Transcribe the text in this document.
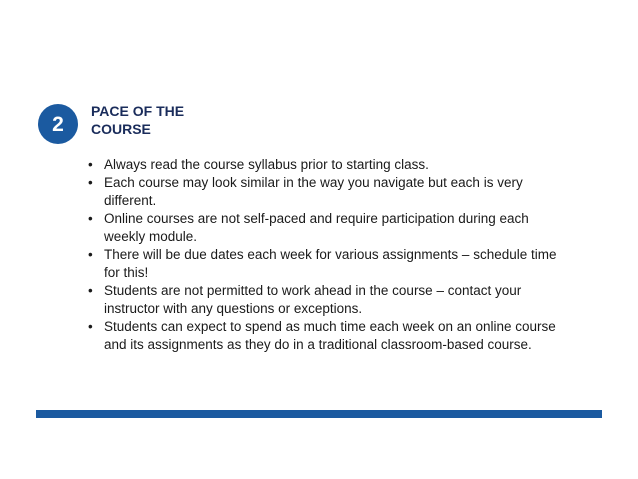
2
PACE OF THE
COURSE
• Always read the course syllabus prior to starting class.
• Each course may look similar in the way you navigate but each is very different.
• Online courses are not self-paced and require participation during each weekly module.
• There will be due dates each week for various assignments – schedule time for this!
• Students are not permitted to work ahead in the course – contact your instructor with any questions or exceptions.
• Students can expect to spend as much time each week on an online course and its assignments as they do in a traditional classroom-based course.
